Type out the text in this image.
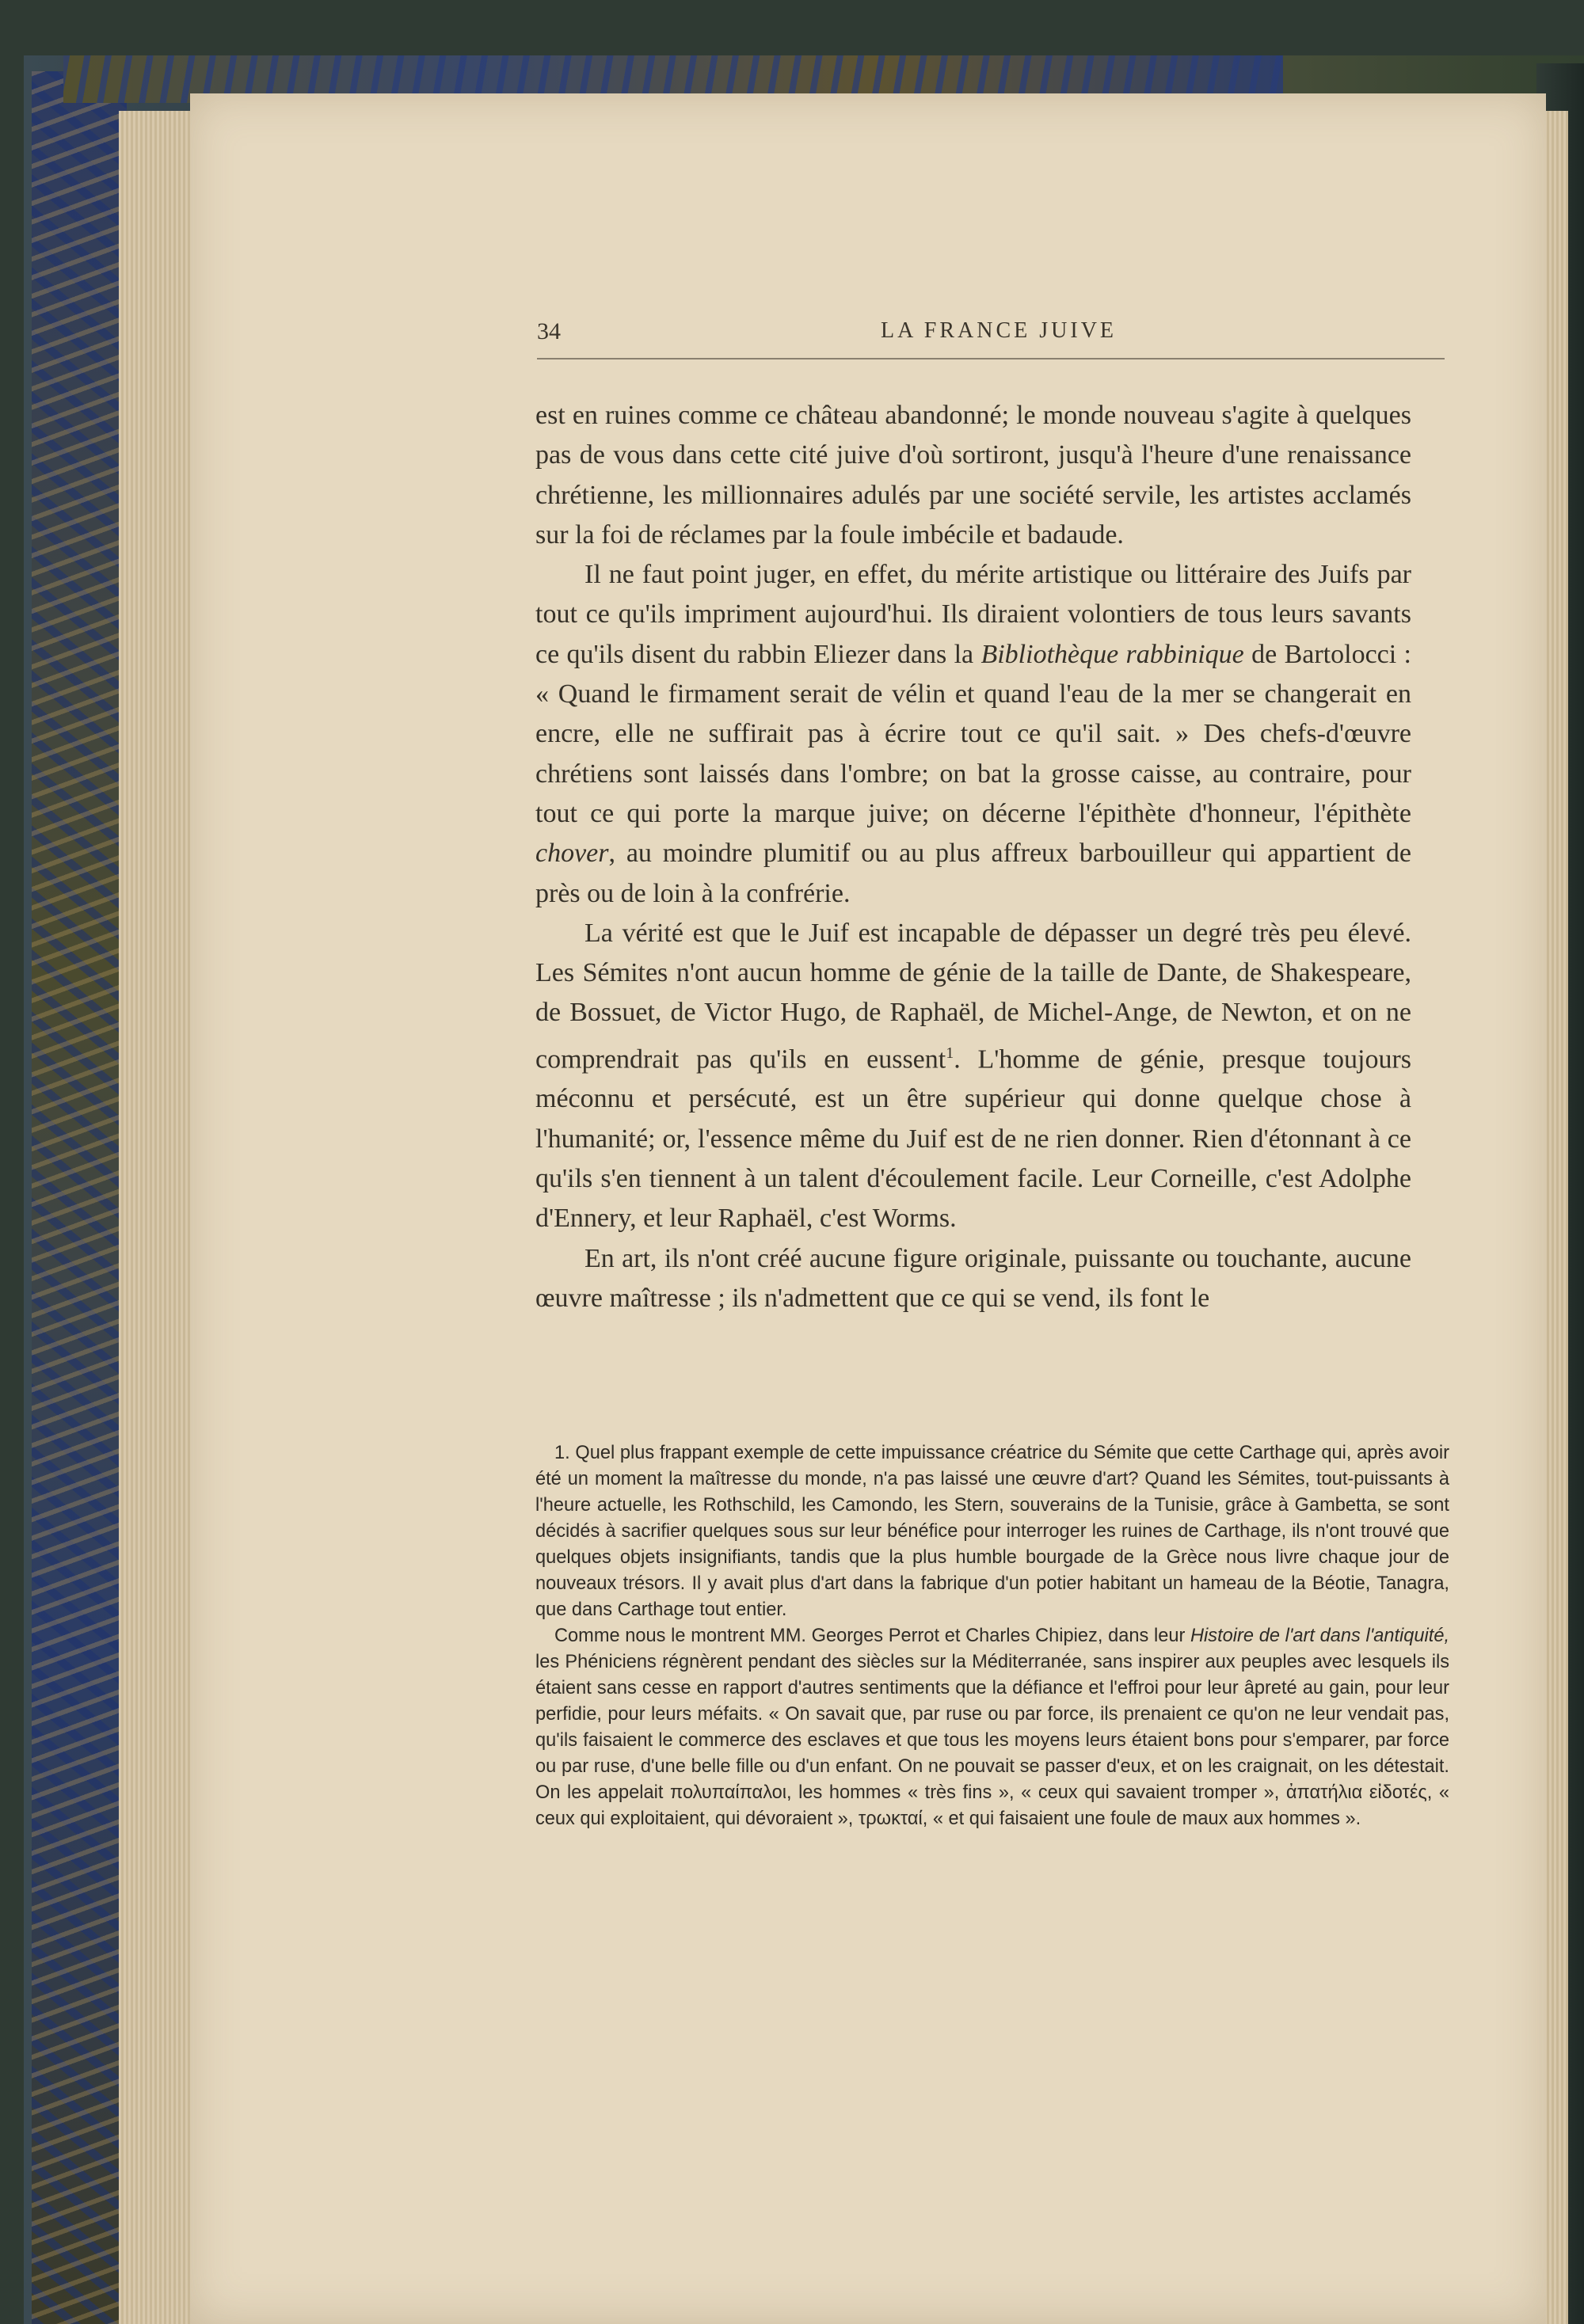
34	LA FRANCE JUIVE

est en ruines comme ce château abandonné; le monde nouveau s'agite à quelques pas de vous dans cette cité juive d'où sortiront, jusqu'à l'heure d'une renaissance chrétienne, les millionnaires adulés par une société servile, les artistes acclamés sur la foi de réclames par la foule imbécile et badaude.

Il ne faut point juger, en effet, du mérite artistique ou littéraire des Juifs par tout ce qu'ils impriment aujourd'hui. Ils diraient volontiers de tous leurs savants ce qu'ils disent du rabbin Eliezer dans la Bibliothèque rabbinique de Bartolocci : « Quand le firmament serait de vélin et quand l'eau de la mer se changerait en encre, elle ne suffirait pas à écrire tout ce qu'il sait. » Des chefs-d'œuvre chrétiens sont laissés dans l'ombre; on bat la grosse caisse, au contraire, pour tout ce qui porte la marque juive; on décerne l'épithète d'honneur, l'épithète chover, au moindre plumitif ou au plus affreux barbouilleur qui appartient de près ou de loin à la confrérie.

La vérité est que le Juif est incapable de dépasser un degré très peu élevé. Les Sémites n'ont aucun homme de génie de la taille de Dante, de Shakespeare, de Bossuet, de Victor Hugo, de Raphaël, de Michel-Ange, de Newton, et on ne comprendrait pas qu'ils en eussent$^1$. L'homme de génie, presque toujours méconnu et persécuté, est un être supérieur qui donne quelque chose à l'humanité; or, l'essence même du Juif est de ne rien donner. Rien d'étonnant à ce qu'ils s'en tiennent à un talent d'écoulement facile. Leur Corneille, c'est Adolphe d'Ennery, et leur Raphaël, c'est Worms.

En art, ils n'ont créé aucune figure originale, puissante ou touchante, aucune œuvre maîtresse ; ils n'admettent que ce qui se vend, ils font le

1. Quel plus frappant exemple de cette impuissance créatrice du Sémite que cette Carthage qui, après avoir été un moment la maîtresse du monde, n'a pas laissé une œuvre d'art? Quand les Sémites, tout-puissants à l'heure actuelle, les Rothschild, les Camondo, les Stern, souverains de la Tunisie, grâce à Gambetta, se sont décidés à sacrifier quelques sous sur leur bénéfice pour interroger les ruines de Carthage, ils n'ont trouvé que quelques objets insignifiants, tandis que la plus humble bourgade de la Grèce nous livre chaque jour de nouveaux trésors. Il y avait plus d'art dans la fabrique d'un potier habitant un hameau de la Béotie, Tanagra, que dans Carthage tout entier.

Comme nous le montrent MM. Georges Perrot et Charles Chipiez, dans leur Histoire de l'art dans l'antiquité, les Phéniciens régnèrent pendant des siècles sur la Méditerranée, sans inspirer aux peuples avec lesquels ils étaient sans cesse en rapport d'autres sentiments que la défiance et l'effroi pour leur âpreté au gain, pour leur perfidie, pour leurs méfaits. « On savait que, par ruse ou par force, ils prenaient ce qu'on ne leur vendait pas, qu'ils faisaient le commerce des esclaves et que tous les moyens leurs étaient bons pour s'emparer, par force ou par ruse, d'une belle fille ou d'un enfant. On ne pouvait se passer d'eux, et on les craignait, on les détestait. On les appelait πολυπαίπαλοι, les hommes « très fins », « ceux qui savaient tromper », ἀπατήλια εἰδοτές, « ceux qui exploitaient, qui dévoraient », τρωκταί, « et qui faisaient une foule de maux aux hommes ».
